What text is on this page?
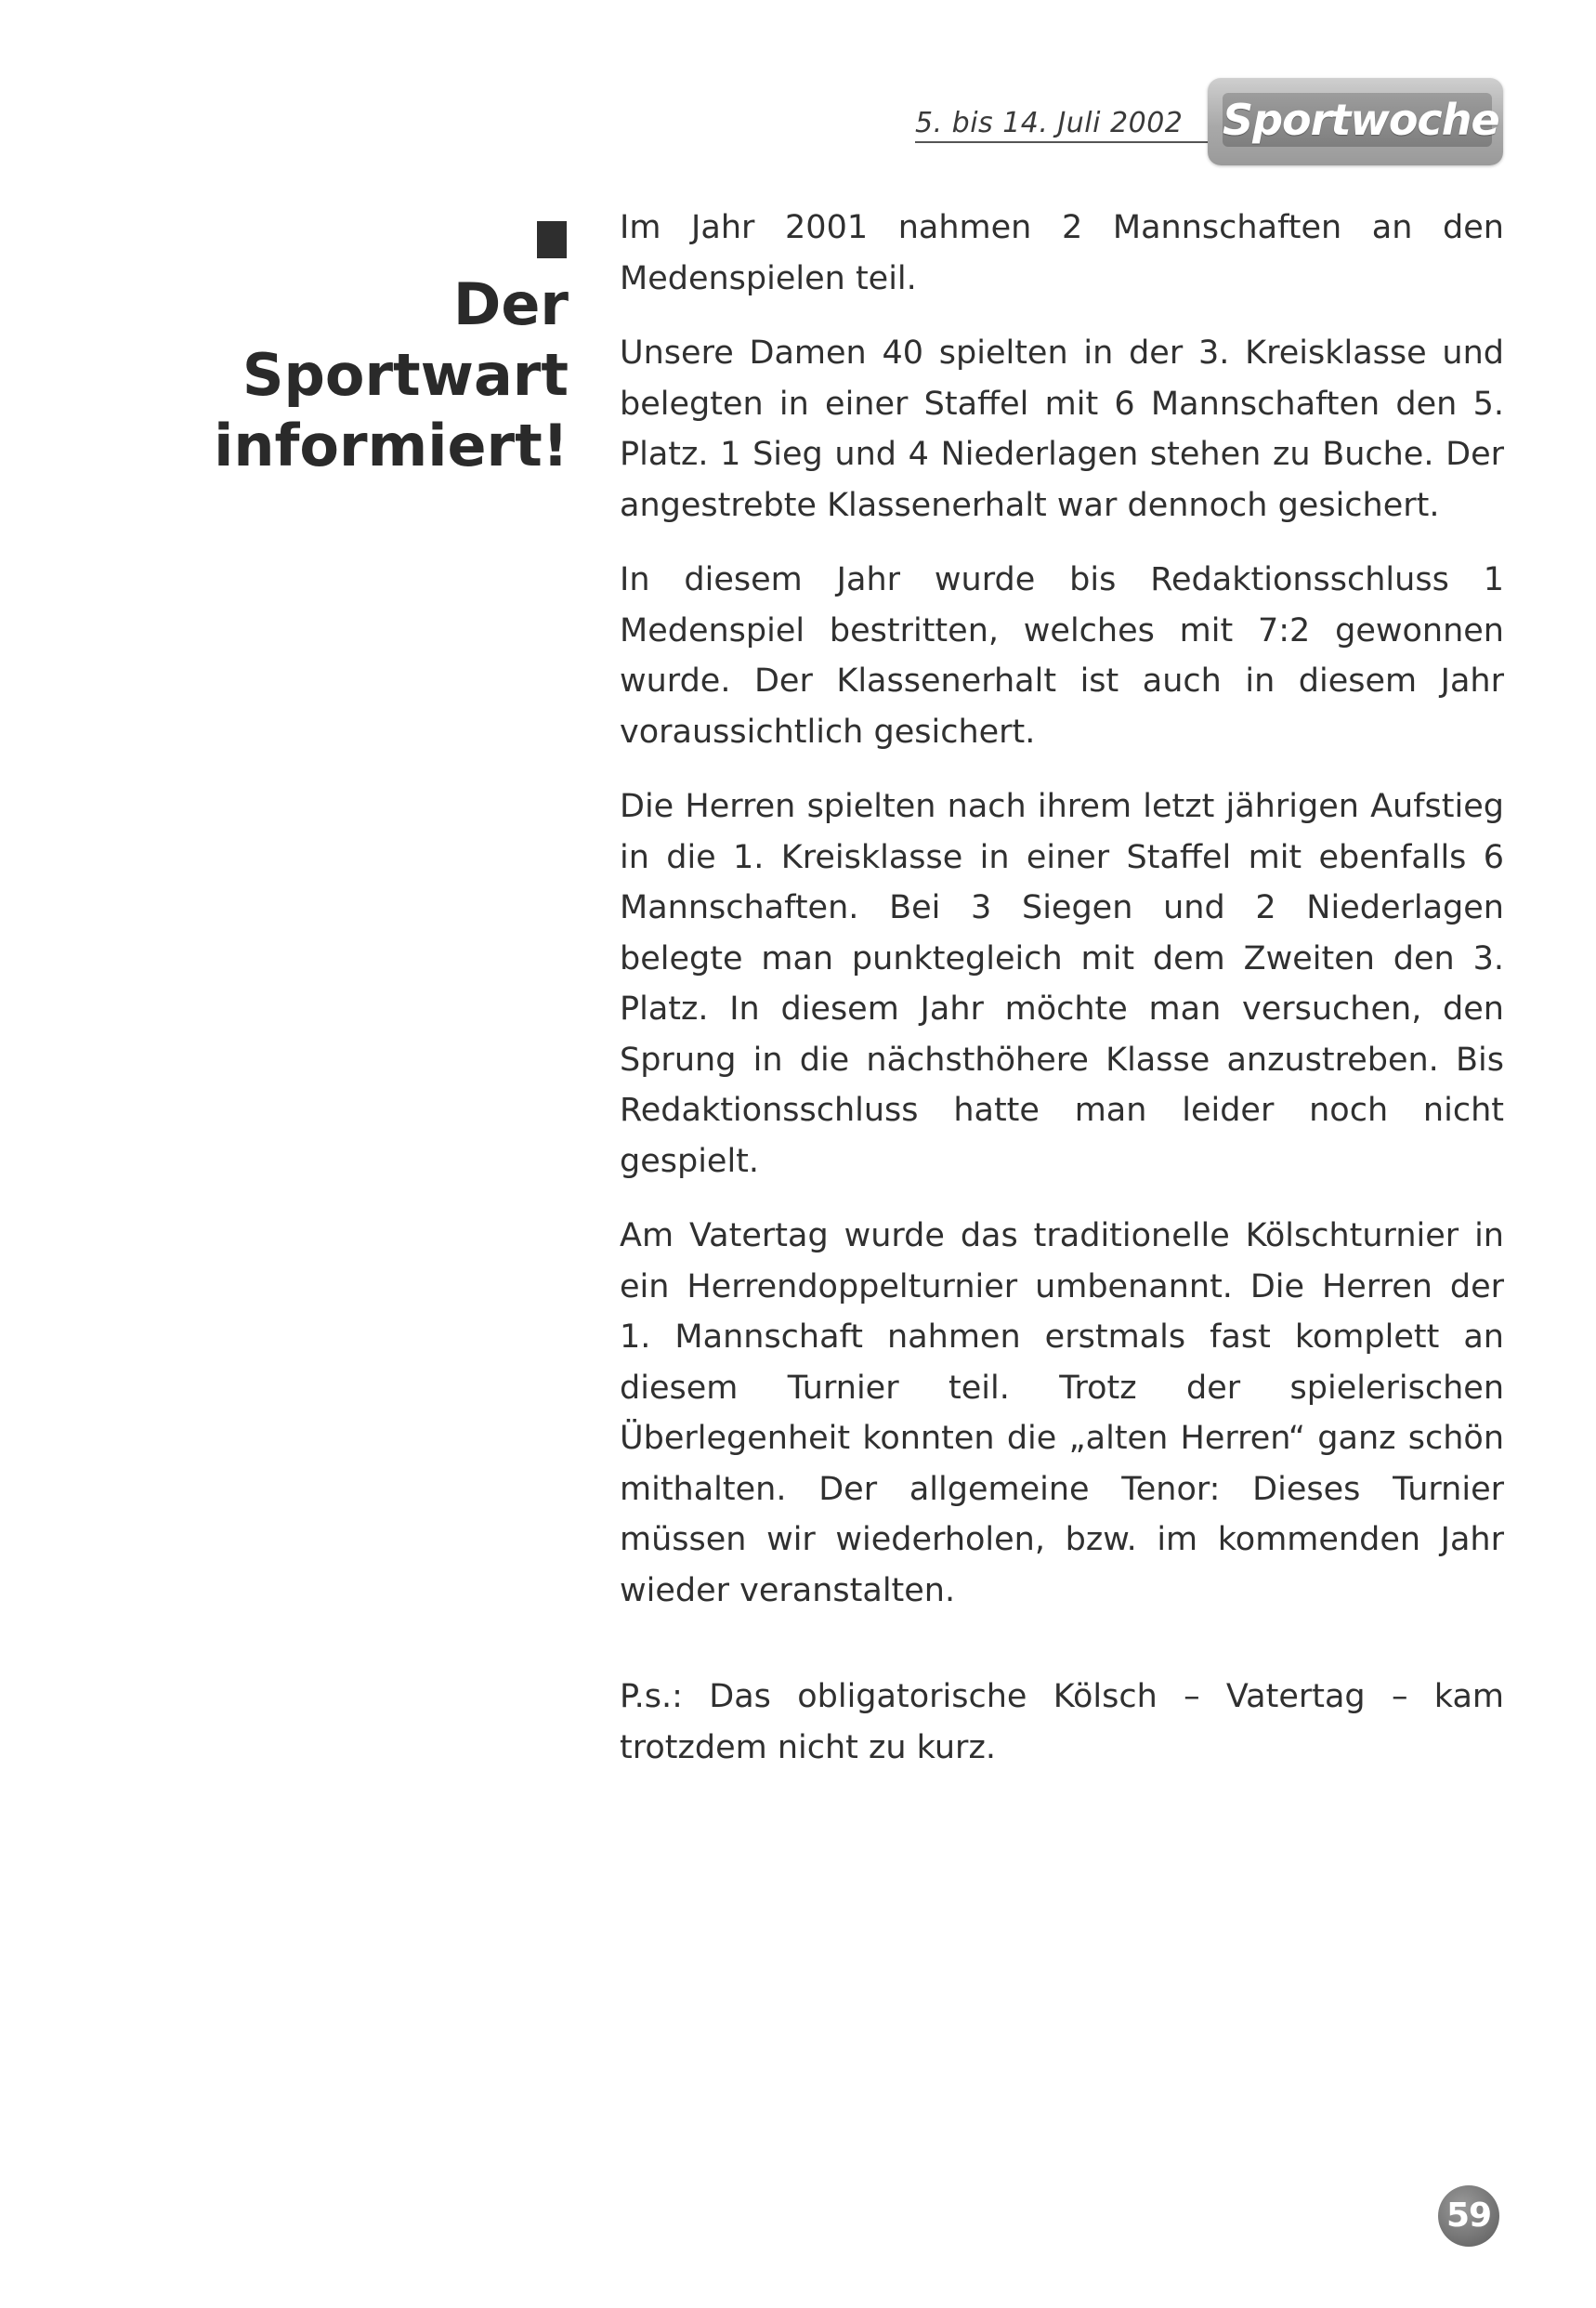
5. bis 14. Juli 2002 Sportwoche
Der
Sportwart
informiert!

Im Jahr 2001 nahmen 2 Mannschaften an den Medenspielen teil.

Unsere Damen 40 spielten in der 3. Kreisklasse und belegten in einer Staffel mit 6 Mannschaften den 5. Platz. 1 Sieg und 4 Niederlagen stehen zu Buche. Der angestrebte Klassenerhalt war dennoch gesichert.

In diesem Jahr wurde bis Redaktionsschluss 1 Medenspiel bestritten, welches mit 7:2 gewonnen wurde. Der Klassenerhalt ist auch in diesem Jahr voraussichtlich gesichert.

Die Herren spielten nach ihrem letzt jährigen Aufstieg in die 1. Kreisklasse in einer Staffel mit ebenfalls 6 Mannschaften. Bei 3 Siegen und 2 Niederlagen belegte man punktegleich mit dem Zweiten den 3. Platz. In diesem Jahr möchte man versuchen, den Sprung in die nächsthöhere Klasse anzustreben. Bis Redaktionsschluss hatte man leider noch nicht gespielt.

Am Vatertag wurde das traditionelle Kölschturnier in ein Herrendoppelturnier umbenannt. Die Herren der 1. Mannschaft nahmen erstmals fast komplett an diesem Turnier teil. Trotz der spielerischen Überlegenheit konnten die „alten Herren“ ganz schön mithalten. Der allgemeine Tenor: Dieses Turnier müssen wir wiederholen, bzw. im kommenden Jahr wieder veranstalten.

P.s.: Das obligatorische Kölsch – Vatertag – kam trotzdem nicht zu kurz.

59
